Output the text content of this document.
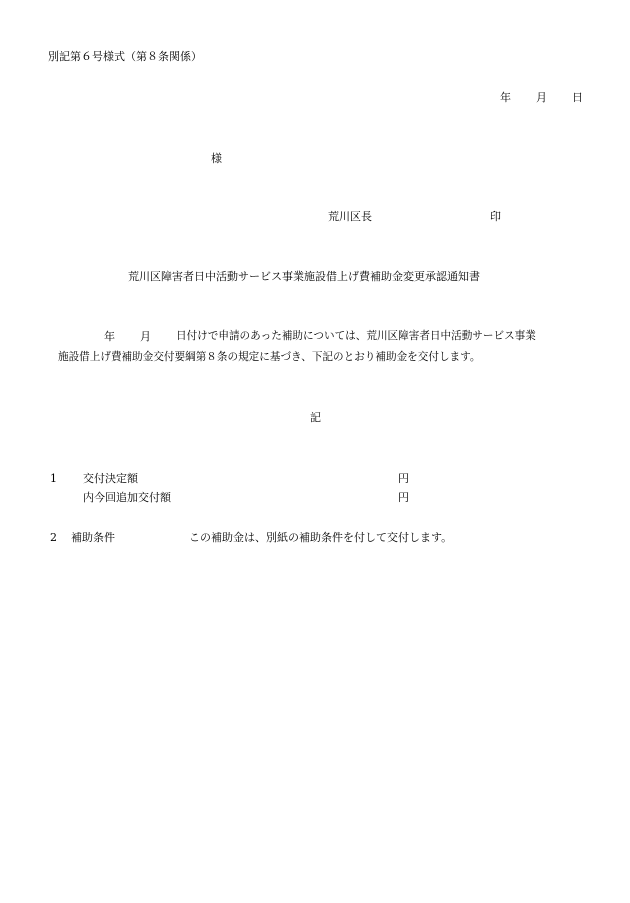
別記第６号様式（第８条関係）
年 月 日
様
荒川区長	印
荒川区障害者日中活動サービス事業施設借上げ費補助金変更承認通知書
年 月 日付けで申請のあった補助については、荒川区障害者日中活動サービス事業
施設借上げ費補助金交付要綱第８条の規定に基づき、下記のとおり補助金を交付します。
記
1 交付決定額	円
内今回追加交付額	円
2 補助条件	この補助金は、別紙の補助条件を付して交付します。
